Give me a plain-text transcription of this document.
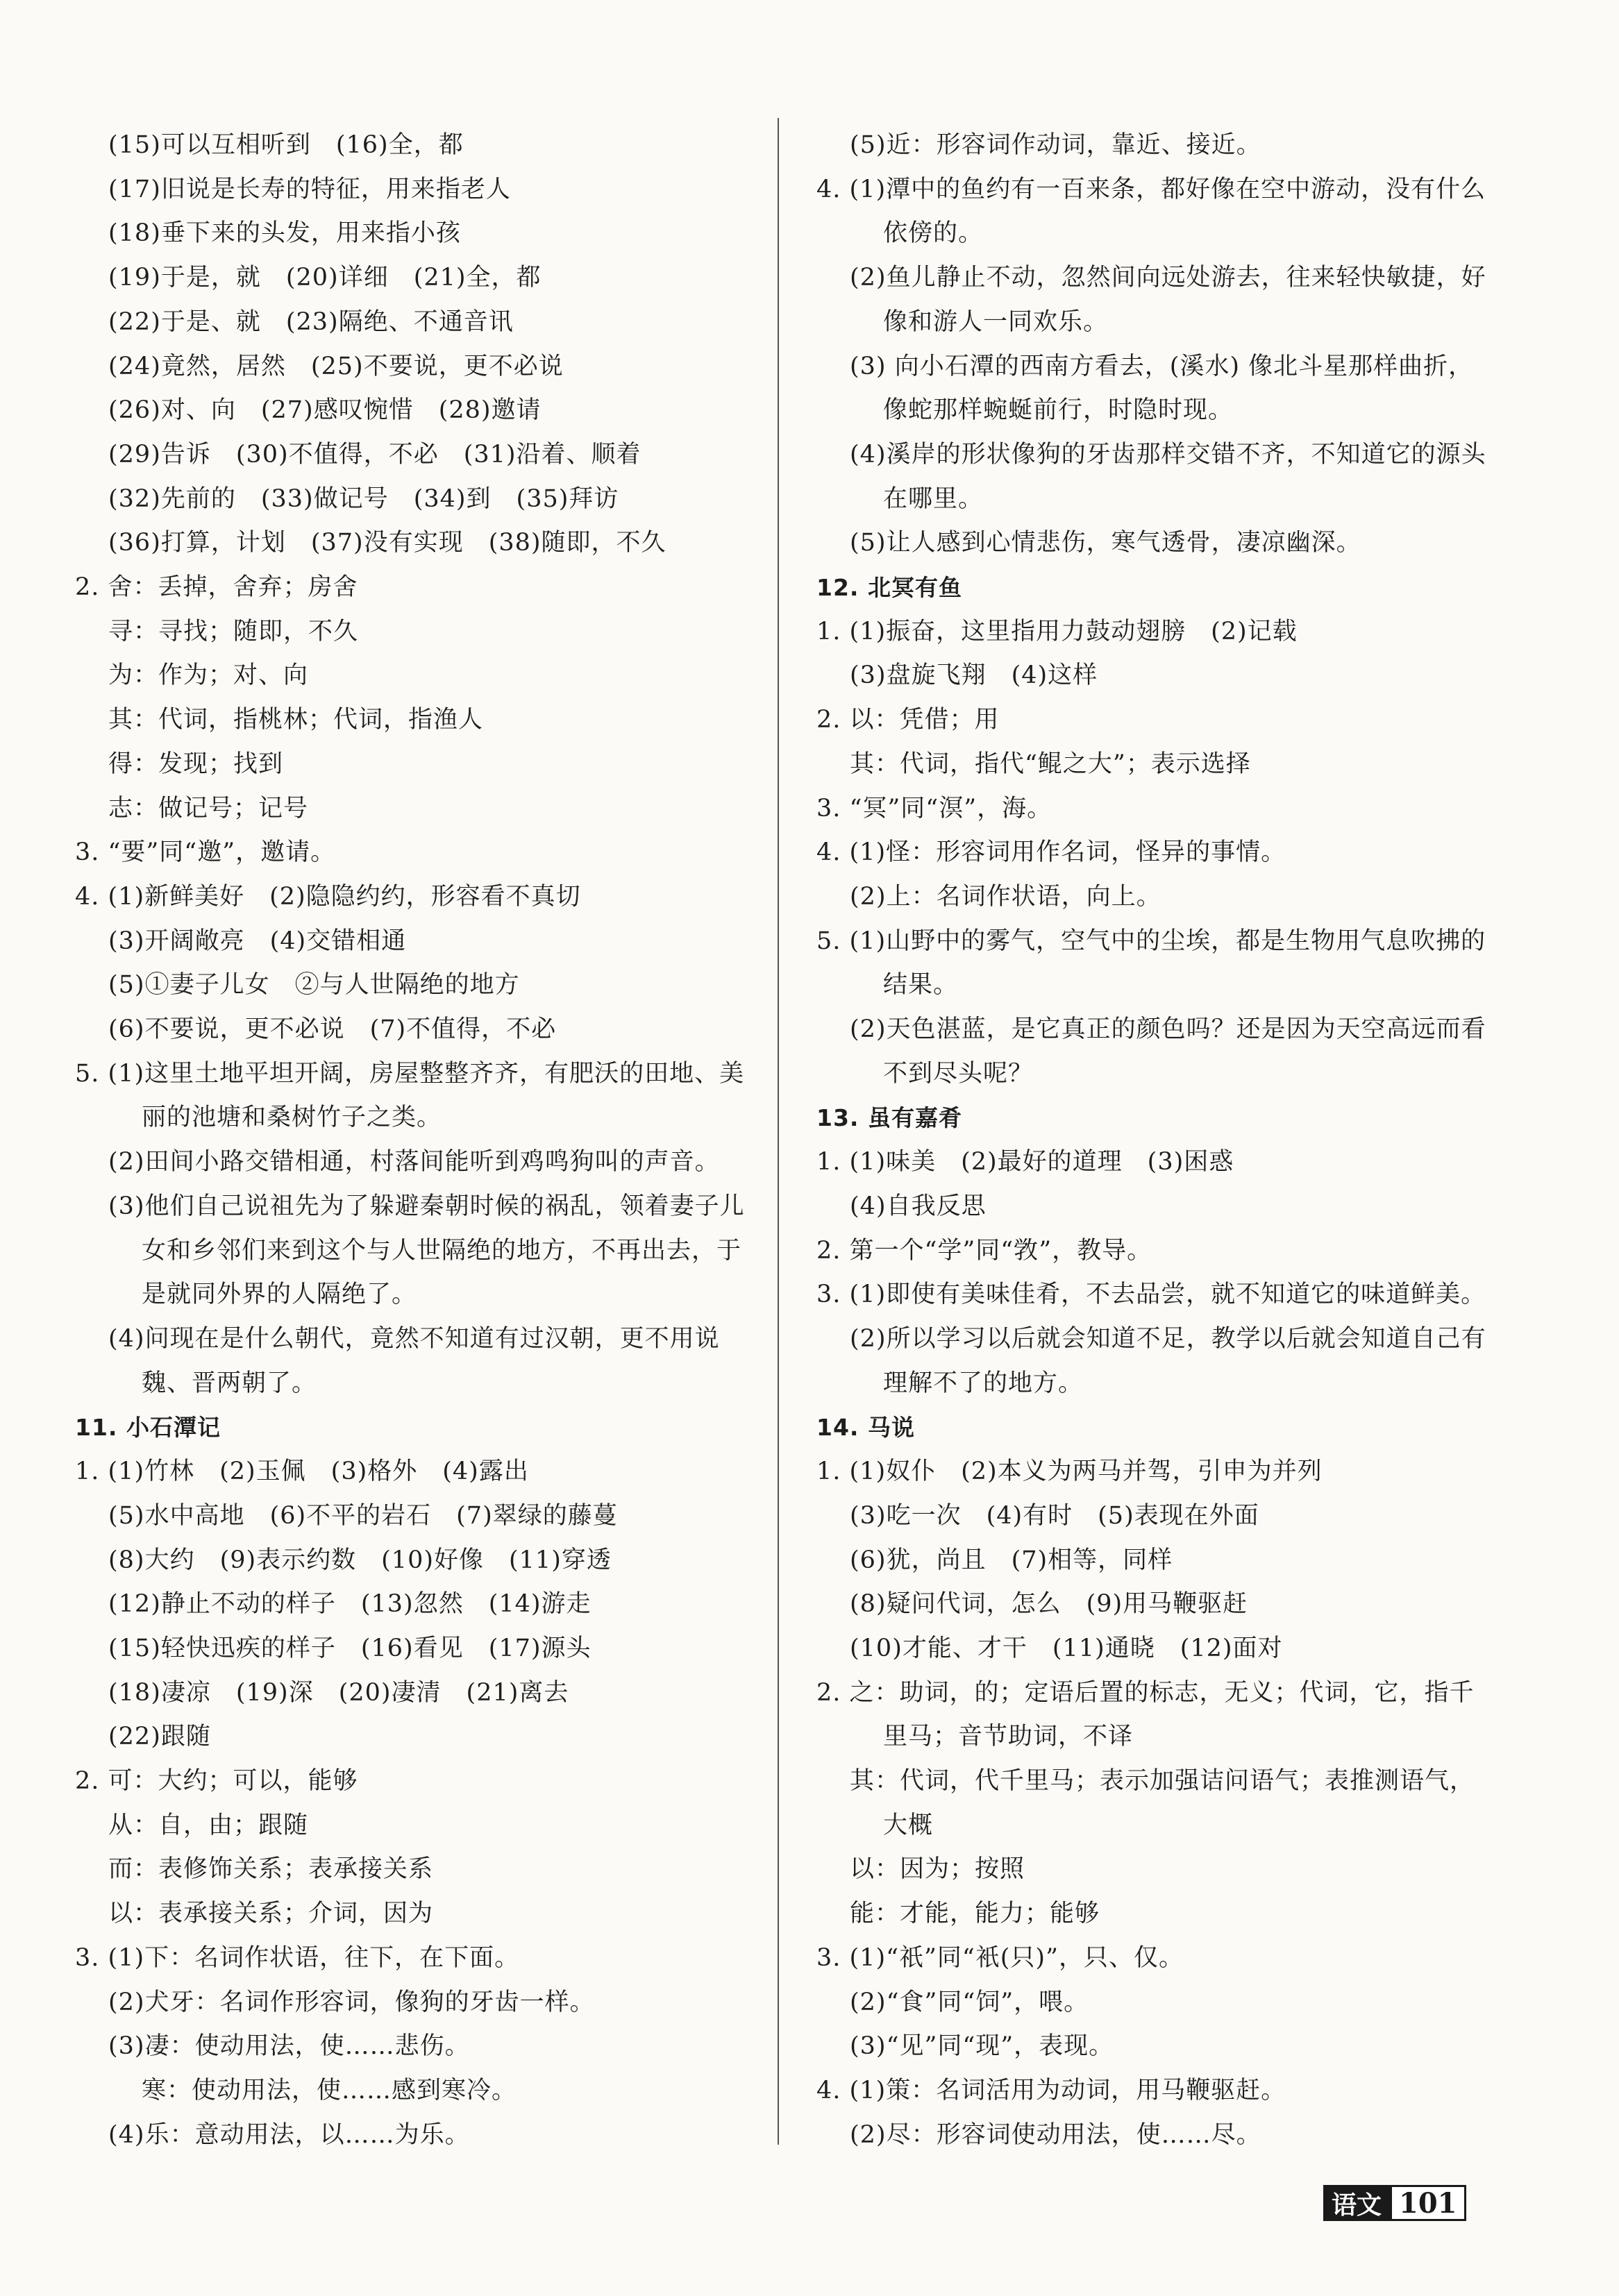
(15)可以互相听到　(16)全，都
(17)旧说是长寿的特征，用来指老人
(18)垂下来的头发，用来指小孩
(19)于是，就　(20)详细　(21)全，都
(22)于是、就　(23)隔绝、不通音讯
(24)竟然，居然　(25)不要说，更不必说
(26)对、向　(27)感叹惋惜　(28)邀请
(29)告诉　(30)不值得，不必　(31)沿着、顺着
(32)先前的　(33)做记号　(34)到　(35)拜访
(36)打算，计划　(37)没有实现　(38)随即，不久
2. 舍：丢掉，舍弃；房舍
寻：寻找；随即，不久
为：作为；对、向
其：代词，指桃林；代词，指渔人
得：发现；找到
志：做记号；记号
3. “要”同“邀”，邀请。
4. (1)新鲜美好　(2)隐隐约约，形容看不真切
(3)开阔敞亮　(4)交错相通
(5)①妻子儿女　②与人世隔绝的地方
(6)不要说，更不必说　(7)不值得，不必
5. (1)这里土地平坦开阔，房屋整整齐齐，有肥沃的田地、美
丽的池塘和桑树竹子之类。
(2)田间小路交错相通，村落间能听到鸡鸣狗叫的声音。
(3)他们自己说祖先为了躲避秦朝时候的祸乱，领着妻子儿
女和乡邻们来到这个与人世隔绝的地方，不再出去，于
是就同外界的人隔绝了。
(4)问现在是什么朝代，竟然不知道有过汉朝，更不用说
魏、晋两朝了。
11. 小石潭记
1. (1)竹林　(2)玉佩　(3)格外　(4)露出
(5)水中高地　(6)不平的岩石　(7)翠绿的藤蔓
(8)大约　(9)表示约数　(10)好像　(11)穿透
(12)静止不动的样子　(13)忽然　(14)游走
(15)轻快迅疾的样子　(16)看见　(17)源头
(18)凄凉　(19)深　(20)凄清　(21)离去
(22)跟随
2. 可：大约；可以，能够
从：自，由；跟随
而：表修饰关系；表承接关系
以：表承接关系；介词，因为
3. (1)下：名词作状语，往下，在下面。
(2)犬牙：名词作形容词，像狗的牙齿一样。
(3)凄：使动用法，使……悲伤。
寒：使动用法，使……感到寒冷。
(4)乐：意动用法，以……为乐。
(5)近：形容词作动词，靠近、接近。
4. (1)潭中的鱼约有一百来条，都好像在空中游动，没有什么
依傍的。
(2)鱼儿静止不动，忽然间向远处游去，往来轻快敏捷，好
像和游人一同欢乐。
(3) 向小石潭的西南方看去，(溪水) 像北斗星那样曲折，
像蛇那样蜿蜒前行，时隐时现。
(4)溪岸的形状像狗的牙齿那样交错不齐，不知道它的源头
在哪里。
(5)让人感到心情悲伤，寒气透骨，凄凉幽深。
12. 北冥有鱼
1. (1)振奋，这里指用力鼓动翅膀　(2)记载
(3)盘旋飞翔　(4)这样
2. 以：凭借；用
其：代词，指代“鲲之大”；表示选择
3. “冥”同“溟”，海。
4. (1)怪：形容词用作名词，怪异的事情。
(2)上：名词作状语，向上。
5. (1)山野中的雾气，空气中的尘埃，都是生物用气息吹拂的
结果。
(2)天色湛蓝，是它真正的颜色吗？还是因为天空高远而看
不到尽头呢？
13. 虽有嘉肴
1. (1)味美　(2)最好的道理　(3)困惑
(4)自我反思
2. 第一个“学”同“敩”，教导。
3. (1)即使有美味佳肴，不去品尝，就不知道它的味道鲜美。
(2)所以学习以后就会知道不足，教学以后就会知道自己有
理解不了的地方。
14. 马说
1. (1)奴仆　(2)本义为两马并驾，引申为并列
(3)吃一次　(4)有时　(5)表现在外面
(6)犹，尚且　(7)相等，同样
(8)疑问代词，怎么　(9)用马鞭驱赶
(10)才能、才干　(11)通晓　(12)面对
2. 之：助词，的；定语后置的标志，无义；代词，它，指千
里马；音节助词，不译
其：代词，代千里马；表示加强诘问语气；表推测语气，
大概
以：因为；按照
能：才能，能力；能够
3. (1)“祇”同“衹(只)”，只、仅。
(2)“食”同“饲”，喂。
(3)“见”同“现”，表现。
4. (1)策：名词活用为动词，用马鞭驱赶。
(2)尽：形容词使动用法，使……尽。
语文 101
